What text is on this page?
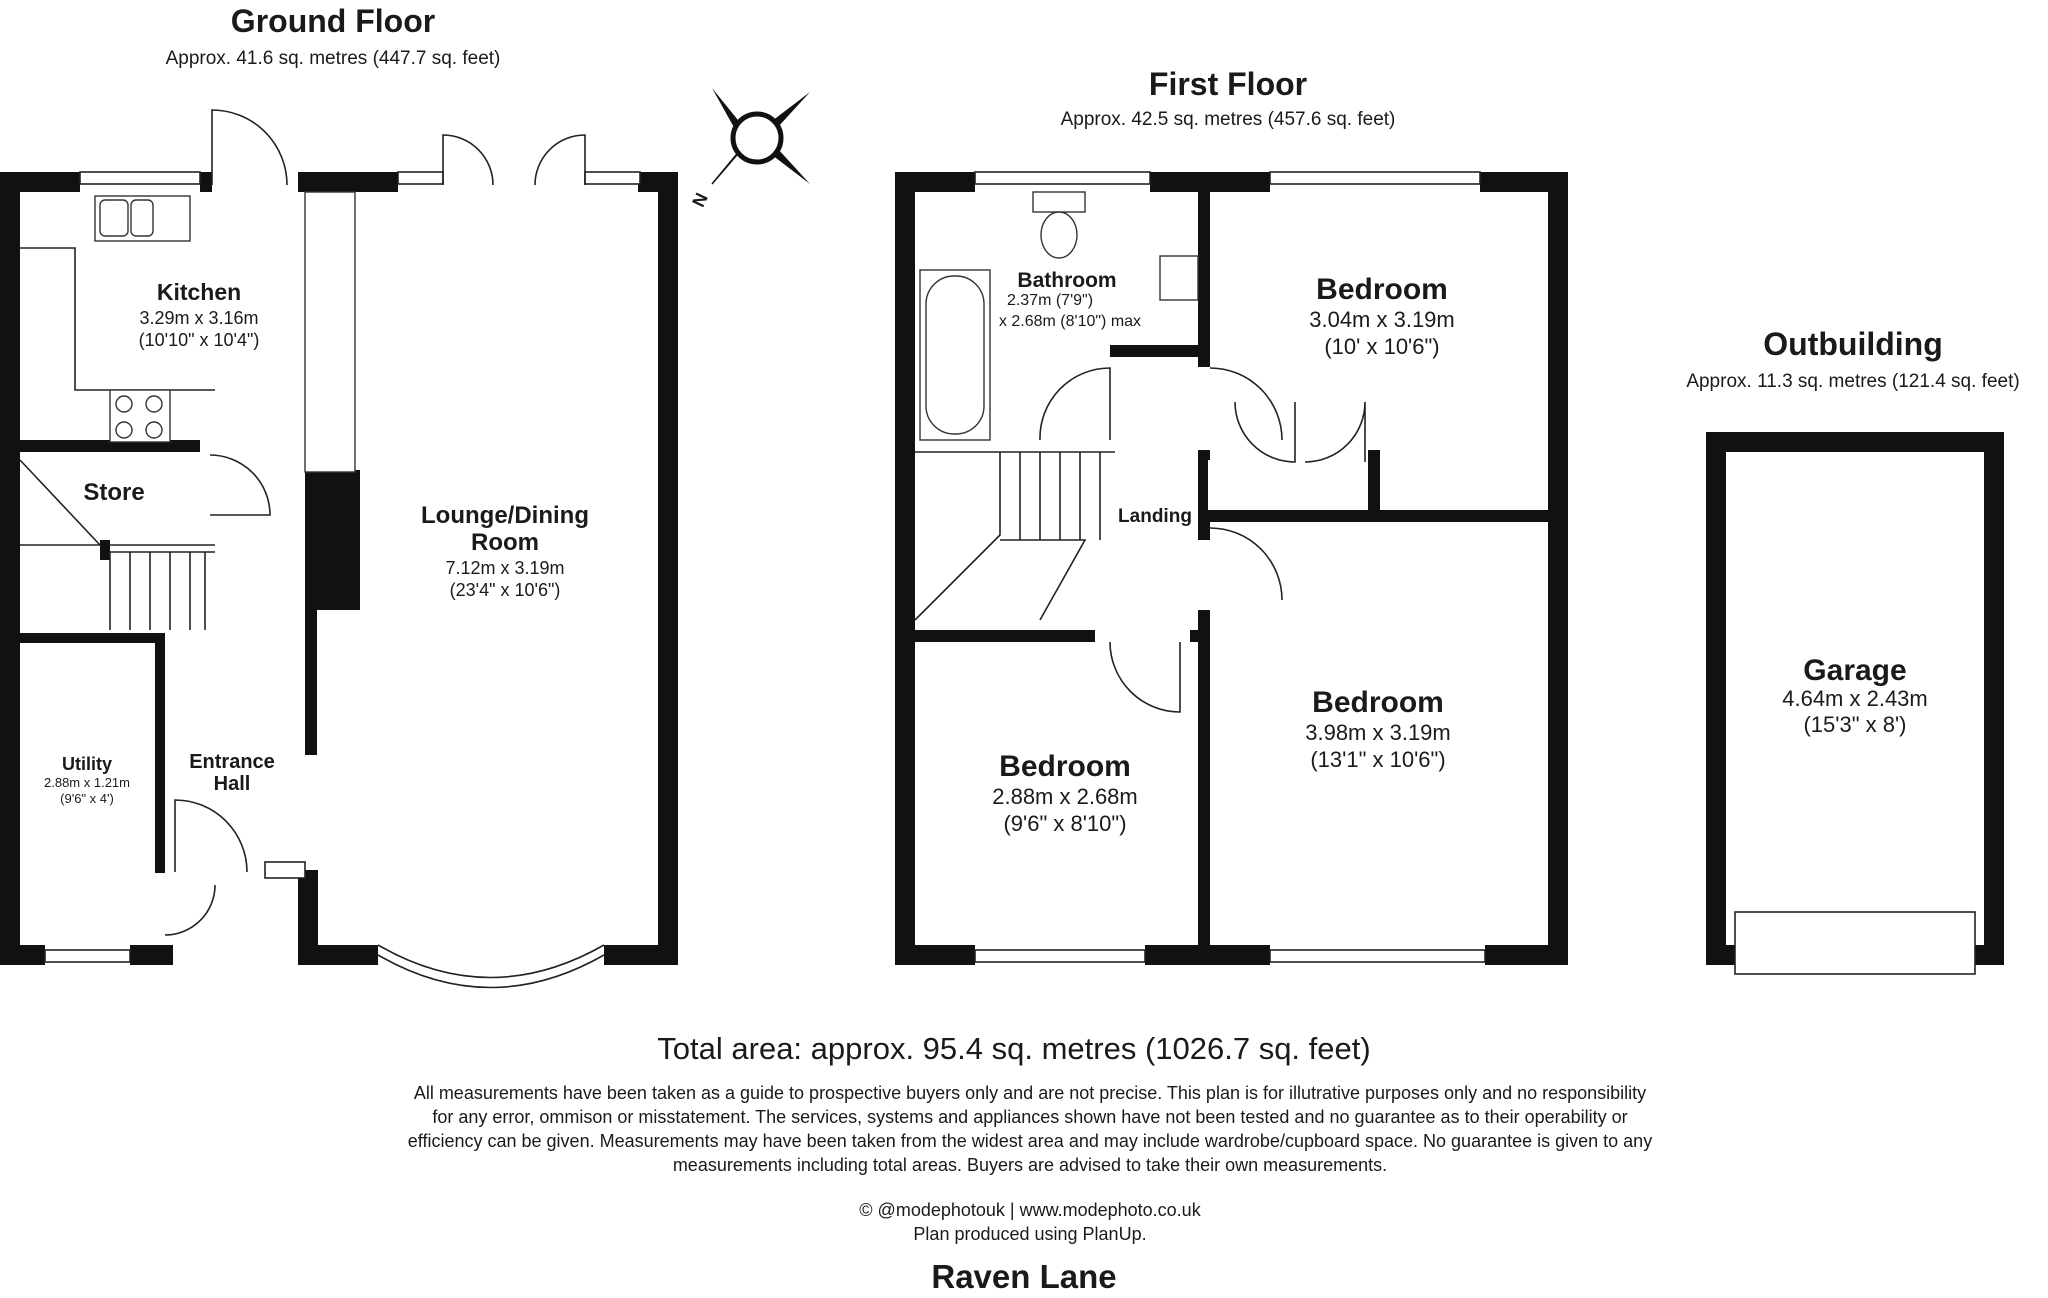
Ground Floor
Approx. 41.6 sq. metres (447.7 sq. feet)
Kitchen
3.29m x 3.16m
(10'10" x 10'4")
Store
Lounge/Dining
Room
7.12m x 3.19m
(23'4" x 10'6")
Utility
2.88m x 1.21m
(9'6" x 4')
Entrance
Hall
N
First Floor
Approx. 42.5 sq. metres (457.6 sq. feet)
Bathroom
2.37m (7'9")
x 2.68m (8'10") max
Bedroom
3.04m x 3.19m
(10' x 10'6")
Landing
Bedroom
3.98m x 3.19m
(13'1" x 10'6")
Bedroom
2.88m x 2.68m
(9'6" x 8'10")
Outbuilding
Approx. 11.3 sq. metres (121.4 sq. feet)
Garage
4.64m x 2.43m
(15'3" x 8')
Total area: approx. 95.4 sq. metres (1026.7 sq. feet)
All measurements have been taken as a guide to prospective buyers only and are not precise. This plan is for illutrative purposes only and no responsibility
for any error, ommison or misstatement. The services, systems and appliances shown have not been tested and no guarantee as to their operability or
efficiency can be given. Measurements may have been taken from the widest area and may include wardrobe/cupboard space. No guarantee is given to any
measurements including total areas. Buyers are advised to take their own measurements.
© @modephotouk | www.modephoto.co.uk
Plan produced using PlanUp.
Raven Lane
